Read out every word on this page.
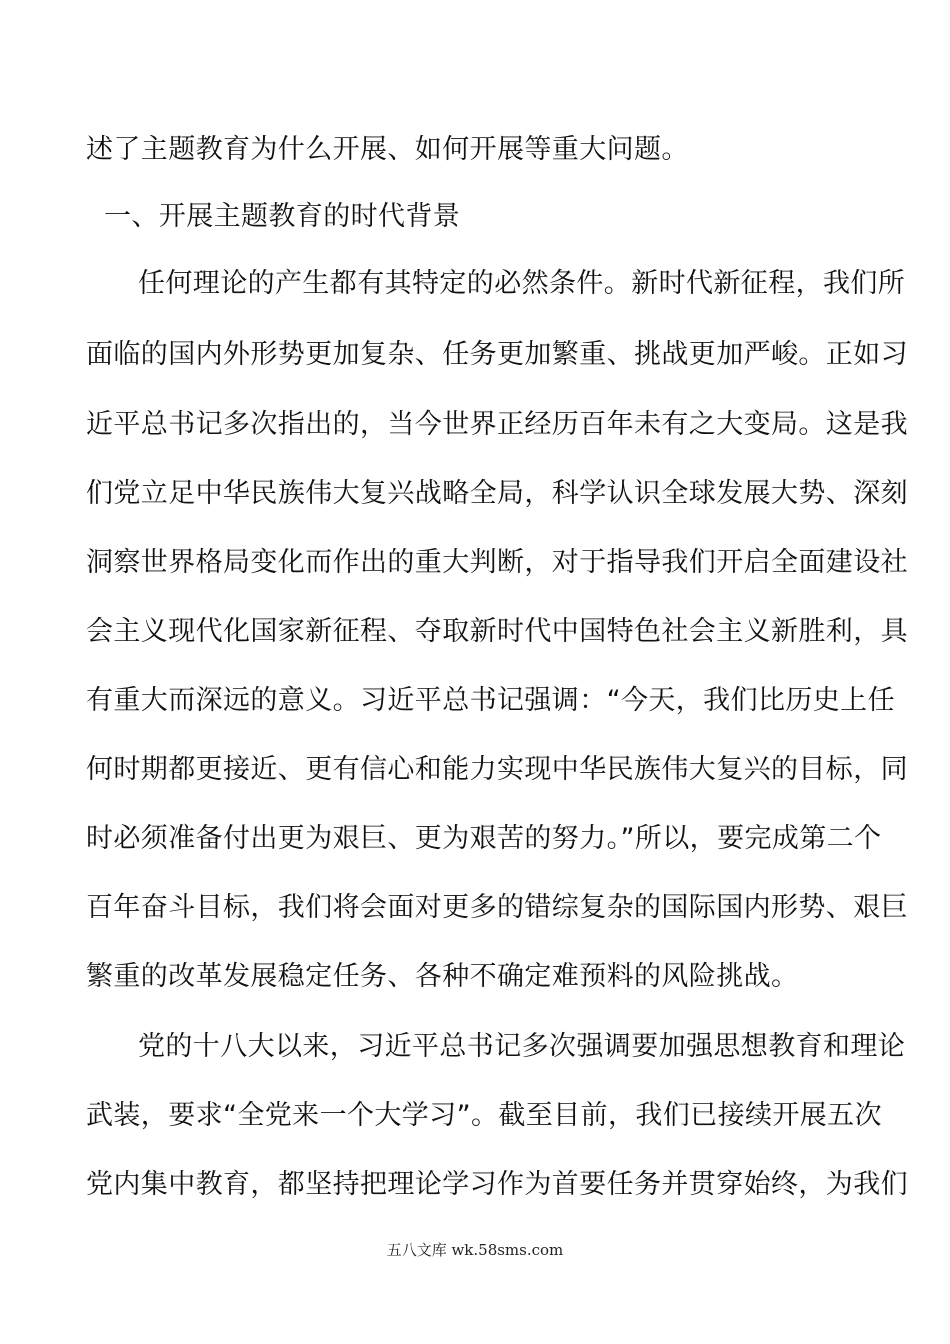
述了主题教育为什么开展、如何开展等重大问题。
一、开展主题教育的时代背景
任何理论的产生都有其特定的必然条件。新时代新征程，我们所
面临的国内外形势更加复杂、任务更加繁重、挑战更加严峻。正如习
近平总书记多次指出的，当今世界正经历百年未有之大变局。这是我
们党立足中华民族伟大复兴战略全局，科学认识全球发展大势、深刻
洞察世界格局变化而作出的重大判断，对于指导我们开启全面建设社
会主义现代化国家新征程、夺取新时代中国特色社会主义新胜利，具
有重大而深远的意义。习近平总书记强调：“今天，我们比历史上任
何时期都更接近、更有信心和能力实现中华民族伟大复兴的目标，同
时必须准备付出更为艰巨、更为艰苦的努力。”所以，要完成第二个
百年奋斗目标，我们将会面对更多的错综复杂的国际国内形势、艰巨
繁重的改革发展稳定任务、各种不确定难预料的风险挑战。
党的十八大以来，习近平总书记多次强调要加强思想教育和理论
武装，要求“全党来一个大学习”。截至目前，我们已接续开展五次
党内集中教育，都坚持把理论学习作为首要任务并贯穿始终，为我们
五八文库 wk.58sms.com
